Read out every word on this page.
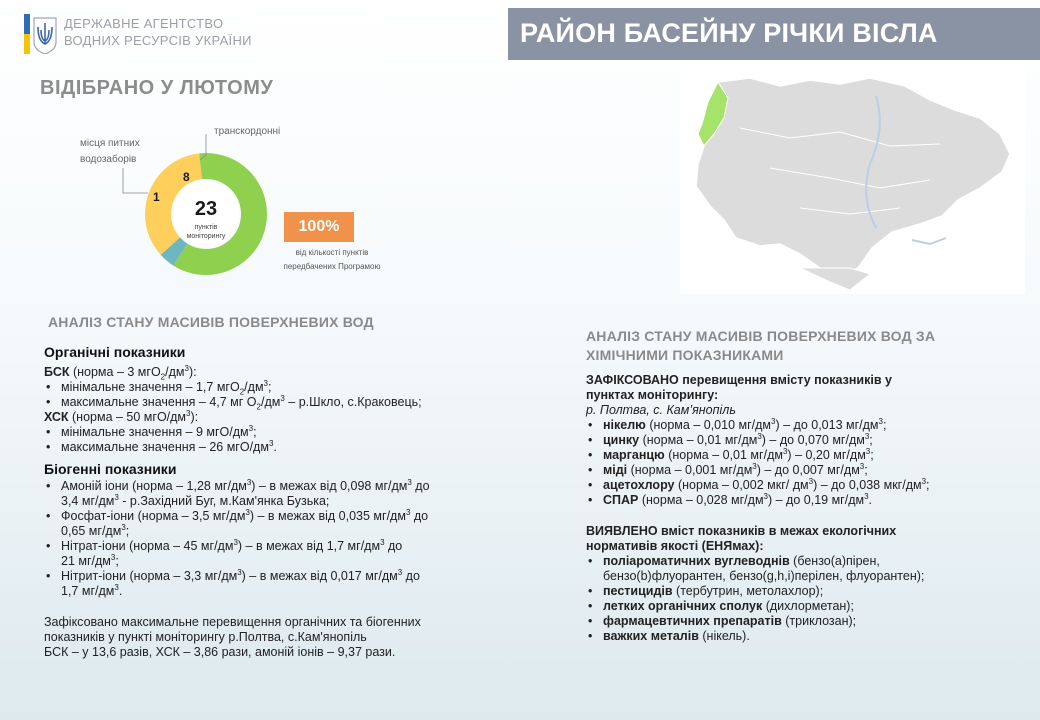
ДЕРЖАВНЕ АГЕНТСТВО
ВОДНИХ РЕСУРСІВ УКРАЇНИ	РАЙОН БАСЕЙНУ РІЧКИ ВІСЛА
ВІДІБРАНО У ЛЮТОМУ
23
пунктів
моніторингу
1
8
місця питних
водозаборів
транскордонні
100%
від кількості пунктів
передбачених Програмою
АНАЛІЗ СТАНУ МАСИВІВ ПОВЕРХНЕВИХ ВОД
Органічні показники
БСК (норма – 3 $мгО_2/дм^3$):
• мінімальне значення – 1,7 $мгО_2/дм^3$;
• максимальне значення – 4,7 мг $О_2/дм^3$ – р.Шкло, с.Краковець;
ХСК (норма – 50 мгО/$дм^3$):
• мінімальне значення – 9 мгО/$дм^3$;
• максимальне значення – 26 мгО/$дм^3$.
Біогенні показники
• Амоній іони (норма – 1,28 $мг/дм^3$) – в межах від 0,098 $мг/дм^3$ до
3,4 $мг/дм^3$ - р.Західний Буг, м.Кам'янка Бузька;
• Фосфат-іони (норма – 3,5 $мг/дм^3$) – в межах від 0,035 $мг/дм^3$ до
0,65 $мг/дм^3$;
• Нітрат-іони (норма – 45 $мг/дм^3$) – в межах від 1,7 $мг/дм^3$ до
21 $мг/дм^3$;
• Нітрит-іони (норма – 3,3 $мг/дм^3$) – в межах від 0,017 $мг/дм^3$ до
1,7 $мг/дм^3$.
Зафіксовано максимальне перевищення органічних та біогенних
показників у пункті моніторингу р.Полтва, с.Кам'янопіль
БСК – у 13,6 разів, ХСК – 3,86 рази, амоній іонів – 9,37 рази.
АНАЛІЗ СТАНУ МАСИВІВ ПОВЕРХНЕВИХ ВОД ЗА
ХІМІЧНИМИ ПОКАЗНИКАМИ
ЗАФІКСОВАНО перевищення вмісту показників у
пунктах моніторингу:
р. Полтва, с. Кам’янопіль
• нікелю (норма – 0,010 $мг/дм^3$) – до 0,013 $мг/дм^3$;
• цинку (норма – 0,01 $мг/дм^3$) – до 0,070 $мг/дм^3$;
• марганцю (норма – 0,01 $мг/дм^3) - 0,20$ $мг/дм^3$;
• міді (норма – 0,001 $мг/дм^3$) – до 0,007 $мг/дм^3$;
• ацетохлору (норма – 0,002 мкг/ $дм^3$) – до 0,038 мкг/$дм^3$;
• СПАР (норма – 0,028 $мг/дм^3$) – до 0,19 $мг/дм^3$.
ВИЯВЛЕНО вміст показників в межах екологічних
нормативів якості (ЕНЯмах):
• поліароматичних вуглеводнів (бензо(а)пірен,
бензо(b)флуорантен, бензо(g,h,i)перілен, флуорантен);
• пестицидів (тербутрин, метолахлор);
• летких органічних сполук (дихлорметан);
• фармацевтичних препаратів (триклозан);
• важких металів (нікель).
